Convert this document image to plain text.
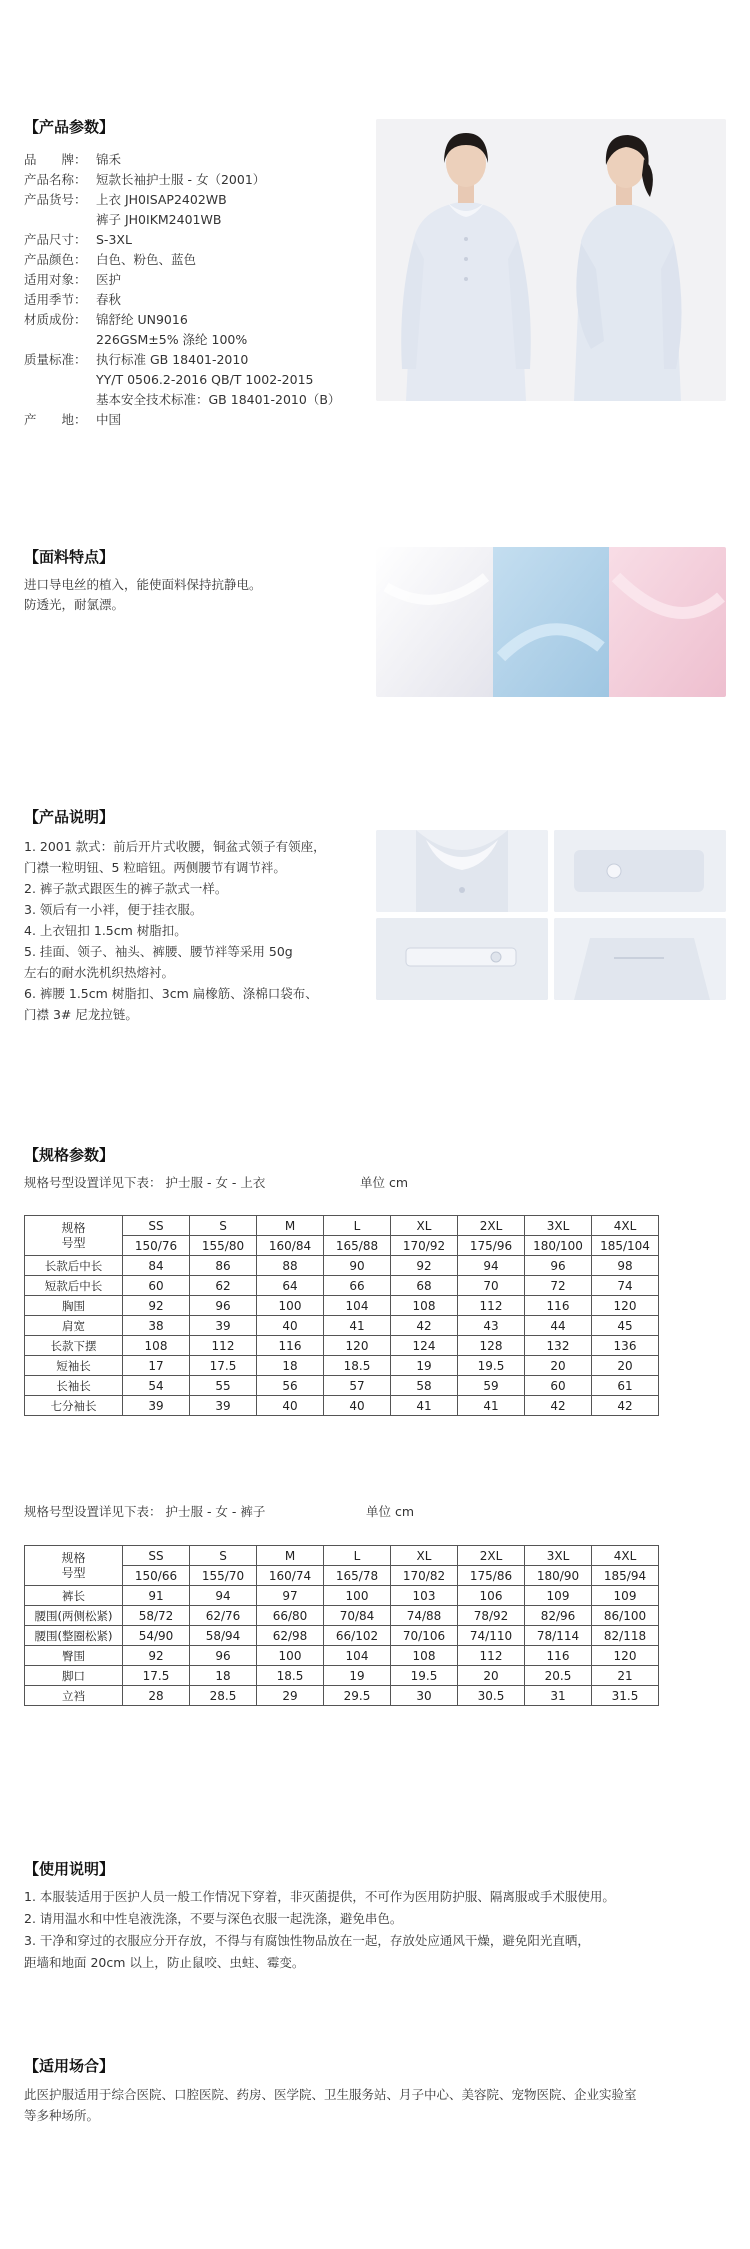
【产品参数】

品　　牌： 锦禾
产品名称： 短款长袖护士服 - 女（2001）
产品货号： 上衣 JH0ISAP2402WB
裤子 JH0IKM2401WB
产品尺寸： S-3XL
产品颜色： 白色、粉色、蓝色
适用对象： 医护
适用季节： 春秋
材质成份： 锦舒纶 UN9016
226GSM±5% 涤纶 100%
质量标准： 执行标准 GB 18401-2010
YY/T 0506.2-2016 QB/T 1002-2015
基本安全技术标准：GB 18401-2010（B）
产　　地： 中国

【面料特点】

进口导电丝的植入，能使面料保持抗静电。

防透光，耐氯漂。

【产品说明】

1. 2001 款式：前后开片式收腰，铜盆式领子有领座，

门襟一粒明钮、5 粒暗钮。两侧腰节有调节袢。

2. 裤子款式跟医生的裤子款式一样。

3. 领后有一小袢，便于挂衣服。

4. 上衣钮扣 1.5cm 树脂扣。

5. 挂面、领子、袖头、裤腰、腰节袢等采用 50g

左右的耐水洗机织热熔衬。

6. 裤腰 1.5cm 树脂扣、3cm 扁橡筋、涤棉口袋布、

门襟 3# 尼龙拉链。

【规格参数】

规格号型设置详见下表： 护士服 - 女 - 上衣	单位 cm

规格
号型	SS	S	M	L	XL	2XL	3XL	4XL
	150/76	155/80	160/84	165/88	170/92	175/96	180/100	185/104
长款后中长	84	86	88	90	92	94	96	98
短款后中长	60	62	64	66	68	70	72	74
胸围	92	96	100	104	108	112	116	120
肩宽	38	39	40	41	42	43	44	45
长款下摆	108	112	116	120	124	128	132	136
短袖长	17	17.5	18	18.5	19	19.5	20	20
长袖长	54	55	56	57	58	59	60	61
七分袖长	39	39	40	40	41	41	42	42

规格号型设置详见下表： 护士服 - 女 - 裤子	单位 cm

规格
号型	SS	S	M	L	XL	2XL	3XL	4XL
	150/66	155/70	160/74	165/78	170/82	175/86	180/90	185/94
裤长	91	94	97	100	103	106	109	109
腰围(两侧松紧)	58/72	62/76	66/80	70/84	74/88	78/92	82/96	86/100
腰围(整圈松紧)	54/90	58/94	62/98	66/102	70/106	74/110	78/114	82/118
臀围	92	96	100	104	108	112	116	120
脚口	17.5	18	18.5	19	19.5	20	20.5	21
立裆	28	28.5	29	29.5	30	30.5	31	31.5

【使用说明】

1. 本服装适用于医护人员一般工作情况下穿着，非灭菌提供，不可作为医用防护服、隔离服或手术服使用。

2. 请用温水和中性皂液洗涤，不要与深色衣服一起洗涤，避免串色。

3. 干净和穿过的衣服应分开存放，不得与有腐蚀性物品放在一起，存放处应通风干燥，避免阳光直晒，

距墙和地面 20cm 以上，防止鼠咬、虫蛀、霉变。

【适用场合】

此医护服适用于综合医院、口腔医院、药房、医学院、卫生服务站、月子中心、美容院、宠物医院、企业实验室

等多种场所。
